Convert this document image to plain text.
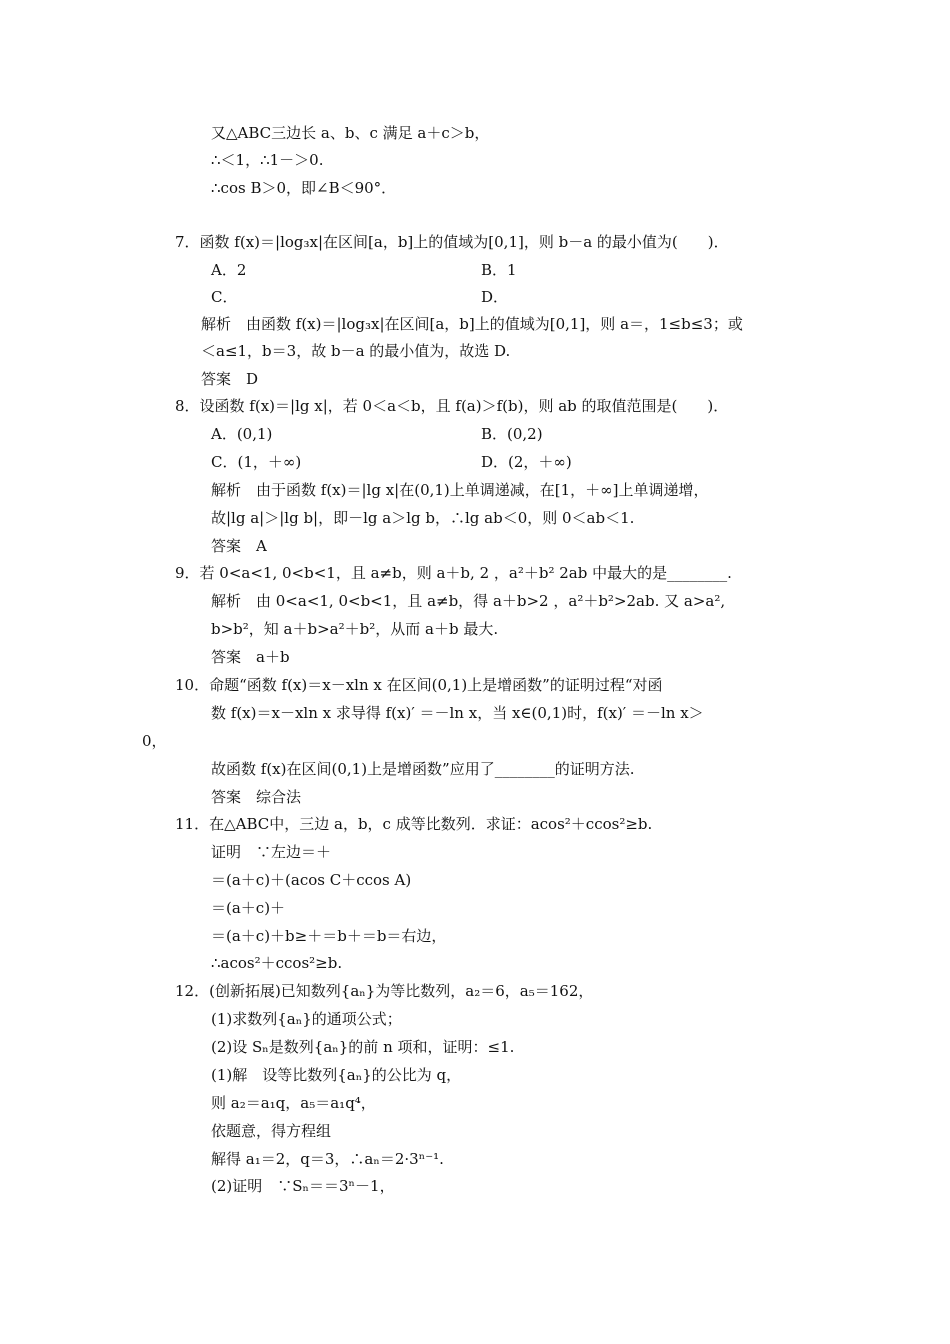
又△ABC三边长 a、b、c 满足 a＋c＞b，
∴＜1，∴1－＞0.
∴cos B＞0，即∠B＜90°．
7．函数 f(x)＝|log₃x|在区间[a，b]上的值域为[0,1]，则 b－a 的最小值为(　　)．
A．2	B．1
C．	D．
解析　由函数 f(x)＝|log₃x|在区间[a，b]上的值域为[0,1]，则 a＝，1≤b≤3；或
＜a≤1，b＝3，故 b－a 的最小值为，故选 D.
答案　D
8．设函数 f(x)＝|lg x|，若 0＜a＜b，且 f(a)＞f(b)，则 ab 的取值范围是(　　)．
A．(0,1)	B．(0,2)
C．(1，＋∞)	D．(2，＋∞)
解析　由于函数 f(x)＝|lg x|在(0,1)上单调递减，在[1，＋∞]上单调递增，
故|lg a|＞|lg b|，即－lg a＞lg b，∴lg ab＜0，则 0＜ab＜1.
答案　A
9．若 0<a<1, 0<b<1，且 a≠b，则 a＋b, 2 ，a²＋b² 2ab 中最大的是________.
解析　由 0<a<1, 0<b<1，且 a≠b，得 a＋b>2 ，a²＋b²>2ab. 又 a>a²,
b>b²，知 a＋b>a²＋b²，从而 a＋b 最大.
答案　a＋b
10．命题“函数 f(x)＝x－xln x 在区间(0,1)上是增函数”的证明过程“对函
数 f(x)＝x－xln x 求导得 f(x)′ ＝－ln x，当 x∈(0,1)时，f(x)′ ＝－ln x＞
0，
故函数 f(x)在区间(0,1)上是增函数”应用了________的证明方法.
答案　综合法
11．在△ABC中，三边 a，b，c 成等比数列．求证：acos²＋ccos²≥b.
证明　∵左边＝＋
＝(a＋c)＋(acos C＋ccos A)
＝(a＋c)＋
＝(a＋c)＋b≥＋＝b＋＝b＝右边，
∴acos²＋ccos²≥b.
12．(创新拓展)已知数列{aₙ}为等比数列，a₂＝6，a₅＝162，
(1)求数列{aₙ}的通项公式；
(2)设 Sₙ是数列{aₙ}的前 n 项和，证明：≤1.
(1)解　设等比数列{aₙ}的公比为 q，
则 a₂＝a₁q，a₅＝a₁q⁴，
依题意，得方程组
解得 a₁＝2，q＝3，∴aₙ＝2·3ⁿ⁻¹.
(2)证明　∵Sₙ＝＝3ⁿ－1，
